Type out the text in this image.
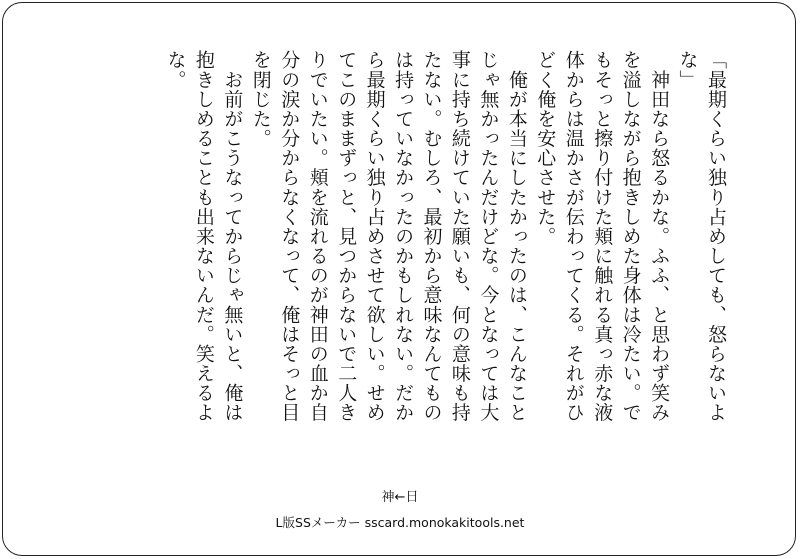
「最期くらい独り占めしても、怒らないよ
な」
　神田なら怒るかな。ふふ、と思わず笑み
を溢しながら抱きしめた身体は冷たい。で
もそっと擦り付けた頬に触れる真っ赤な液
体からは温かさが伝わってくる。それがひ
どく俺を安心させた。
　俺が本当にしたかったのは、こんなこと
じゃ無かったんだけどな。今となっては大
事に持ち続けていた願いも、何の意味も持
たない。むしろ、最初から意味なんてもの
は持っていなかったのかもしれない。だか
ら最期くらい独り占めさせて欲しい。せめ
てこのままずっと、見つからないで二人き
りでいたい。頬を流れるのが神田の血か自
分の涙か分からなくなって、俺はそっと目
を閉じた。
　お前がこうなってからじゃ無いと、俺は
抱きしめることも出来ないんだ。笑えるよ
な。
神←日
L版SSメーカー sscard.monokakitools.net
